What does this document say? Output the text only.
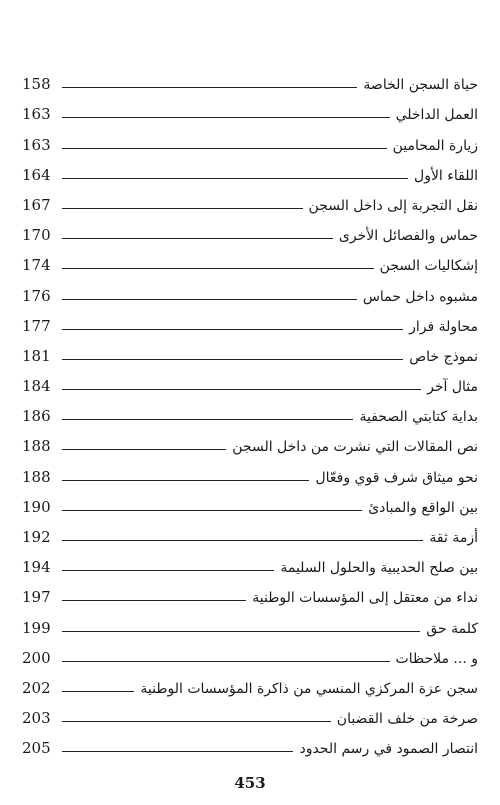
حياة السجن الخاصة
158
العمل الداخلي
163
زيارة المحامين
163
اللقاء الأول
164
نقل التجربة إلى داخل السجن
167
حماس والفصائل الأخرى
170
إشكاليات السجن
174
مشبوه داخل حماس
176
محاولة فرار
177
نموذج خاص
181
مثال آخر
184
بداية كتابتي الصحفية
186
نص المقالات التي نشرت من داخل السجن
188
نحو ميثاق شرف قوي وفعّال
188
بين الواقع والمبادئ
190
أزمة ثقة
192
بين صلح الحديبية والحلول السليمة
194
نداء من معتقل إلى المؤسسات الوطنية
197
كلمة حق
199
و ... ملاحظات
200
سجن عزة المركزي المنسي من ذاكرة المؤسسات الوطنية
202
صرخة من خلف القضبان
203
انتصار الصمود في رسم الحدود
205
453
